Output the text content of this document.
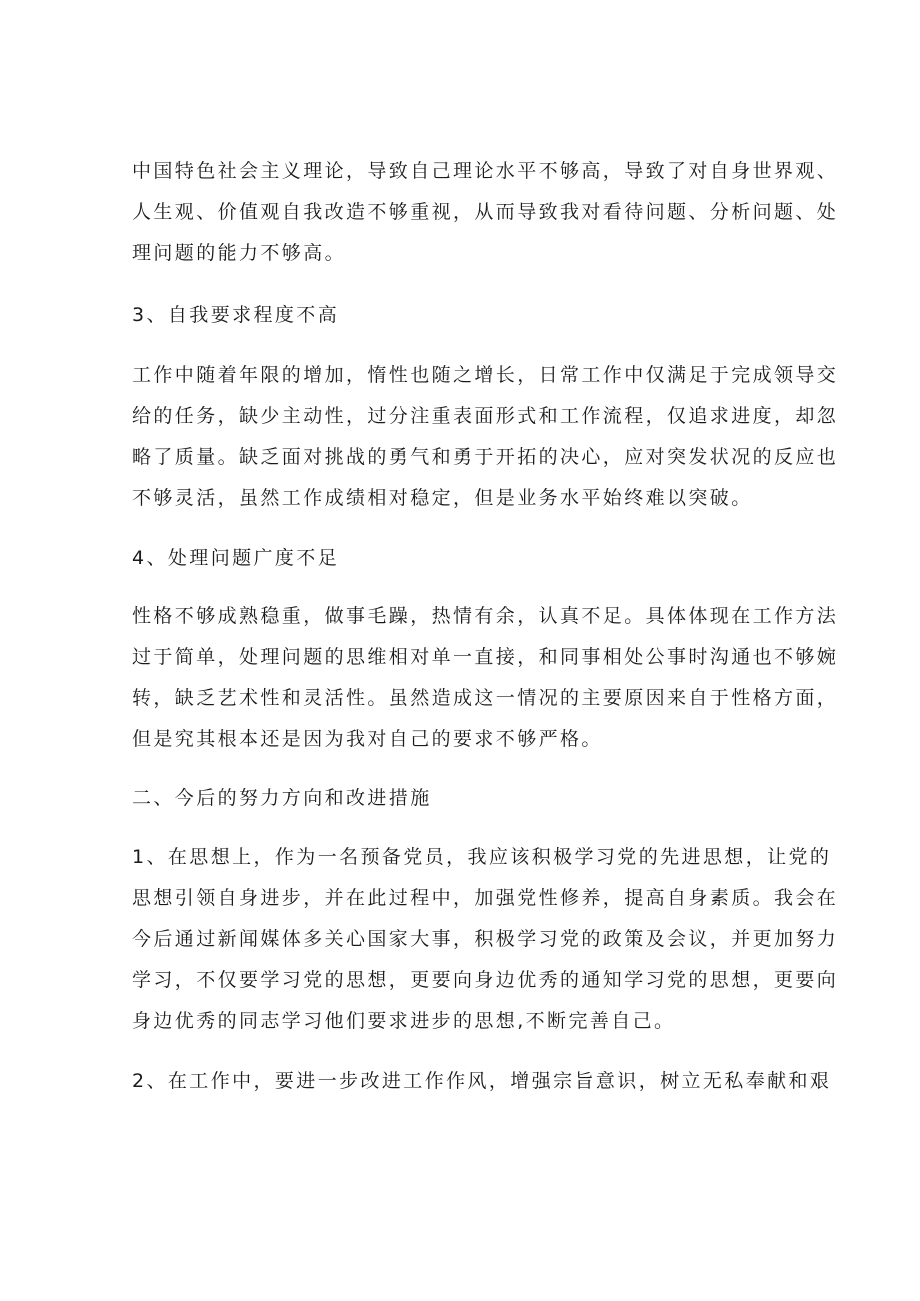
中国特色社会主义理论，导致自己理论水平不够高，导致了对自身世界观、
人生观、价值观自我改造不够重视，从而导致我对看待问题、分析问题、处
理问题的能力不够高。
3、自我要求程度不高
工作中随着年限的增加，惰性也随之增长，日常工作中仅满足于完成领导交
给的任务，缺少主动性，过分注重表面形式和工作流程，仅追求进度，却忽
略了质量。缺乏面对挑战的勇气和勇于开拓的决心，应对突发状况的反应也
不够灵活，虽然工作成绩相对稳定，但是业务水平始终难以突破。
4、处理问题广度不足
性格不够成熟稳重，做事毛躁，热情有余，认真不足。具体体现在工作方法
过于简单，处理问题的思维相对单一直接，和同事相处公事时沟通也不够婉
转，缺乏艺术性和灵活性。虽然造成这一情况的主要原因来自于性格方面，
但是究其根本还是因为我对自己的要求不够严格。
二、今后的努力方向和改进措施
1、在思想上，作为一名预备党员，我应该积极学习党的先进思想，让党的
思想引领自身进步，并在此过程中，加强党性修养，提高自身素质。我会在
今后通过新闻媒体多关心国家大事，积极学习党的政策及会议，并更加努力
学习，不仅要学习党的思想，更要向身边优秀的通知学习党的思想，更要向
身边优秀的同志学习他们要求进步的思想,不断完善自己。
2、在工作中，要进一步改进工作作风，增强宗旨意识，树立无私奉献和艰
